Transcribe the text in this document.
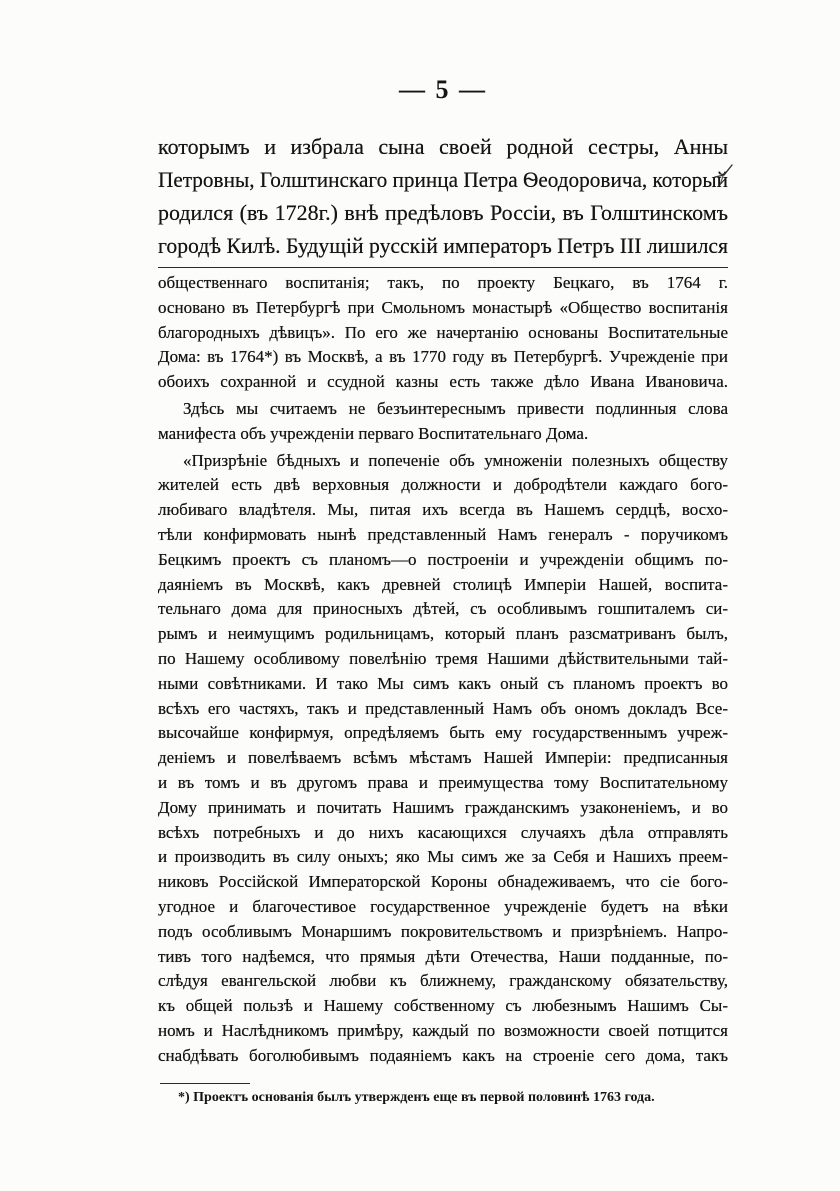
— 5 —
которымъ и избрала сына своей родной сестры, Анны
Петровны, Голштинскаго принца Петра Ѳеодоровича, который
родился (въ 1728г.) внѣ предѣловъ Россіи, въ Голштинскомъ
городѣ Килѣ. Будущій русскій императоръ Петръ III лишился
общественнаго воспитанія; такъ, по проекту Бецкаго, въ 1764 г.
основано въ Петербургѣ при Смольномъ монастырѣ «Общество воспитанія
благородныхъ дѣвицъ». По его же начертанію основаны Воспитательные
Дома: въ 1764*) въ Москвѣ, а въ 1770 году въ Петербургѣ. Учрежденіе при
обоихъ сохранной и ссудной казны есть также дѣло Ивана Ивановича.
Здѣсь мы считаемъ не безъинтереснымъ привести подлинныя слова
манифеста объ учрежденіи перваго Воспитательнаго Дома.
«Призрѣніе бѣдныхъ и попеченіе объ умноженіи полезныхъ обществу
жителей есть двѣ верховныя должности и добродѣтели каждаго бого-
любиваго владѣтеля. Мы, питая ихъ всегда въ Нашемъ сердцѣ, восхо-
тѣли конфирмовать нынѣ представленный Намъ генералъ - поручикомъ
Бецкимъ проектъ съ планомъ—о построеніи и учрежденіи общимъ по-
даяніемъ въ Москвѣ, какъ древней столицѣ Имперіи Нашей, воспита-
тельнаго дома для приносныхъ дѣтей, съ особливымъ гошпиталемъ си-
рымъ и неимущимъ родильницамъ, который планъ разсматриванъ былъ,
по Нашему особливому повелѣнію тремя Нашими дѣйствительными тай-
ными совѣтниками. И тако Мы симъ какъ оный съ планомъ проектъ во
всѣхъ его частяхъ, такъ и представленный Намъ объ ономъ докладъ Все-
высочайше конфирмуя, опредѣляемъ быть ему государственнымъ учреж-
деніемъ и повелѣваемъ всѣмъ мѣстамъ Нашей Имперіи: предписанныя
и въ томъ и въ другомъ права и преимущества тому Воспитательному
Дому принимать и почитать Нашимъ гражданскимъ узаконеніемъ, и во
всѣхъ потребныхъ и до нихъ касающихся случаяхъ дѣла отправлять
и производить въ силу оныхъ; яко Мы симъ же за Себя и Нашихъ преем-
никовъ Россійской Императорской Короны обнадеживаемъ, что сіе бого-
угодное и благочестивое государственное учрежденіе будетъ на вѣки
подъ особливымъ Монаршимъ покровительствомъ и призрѣніемъ. Напро-
тивъ того надѣемся, что прямыя дѣти Отечества, Наши подданные, по-
слѣдуя евангельской любви къ ближнему, гражданскому обязательству,
къ общей пользѣ и Нашему собственному съ любезнымъ Нашимъ Сы-
номъ и Наслѣдникомъ примѣру, каждый по возможности своей потщится
снабдѣвать боголюбивымъ подаяніемъ какъ на строеніе сего дома, такъ
*) Проектъ основанія былъ утвержденъ еще въ первой половинѣ 1763 года.
